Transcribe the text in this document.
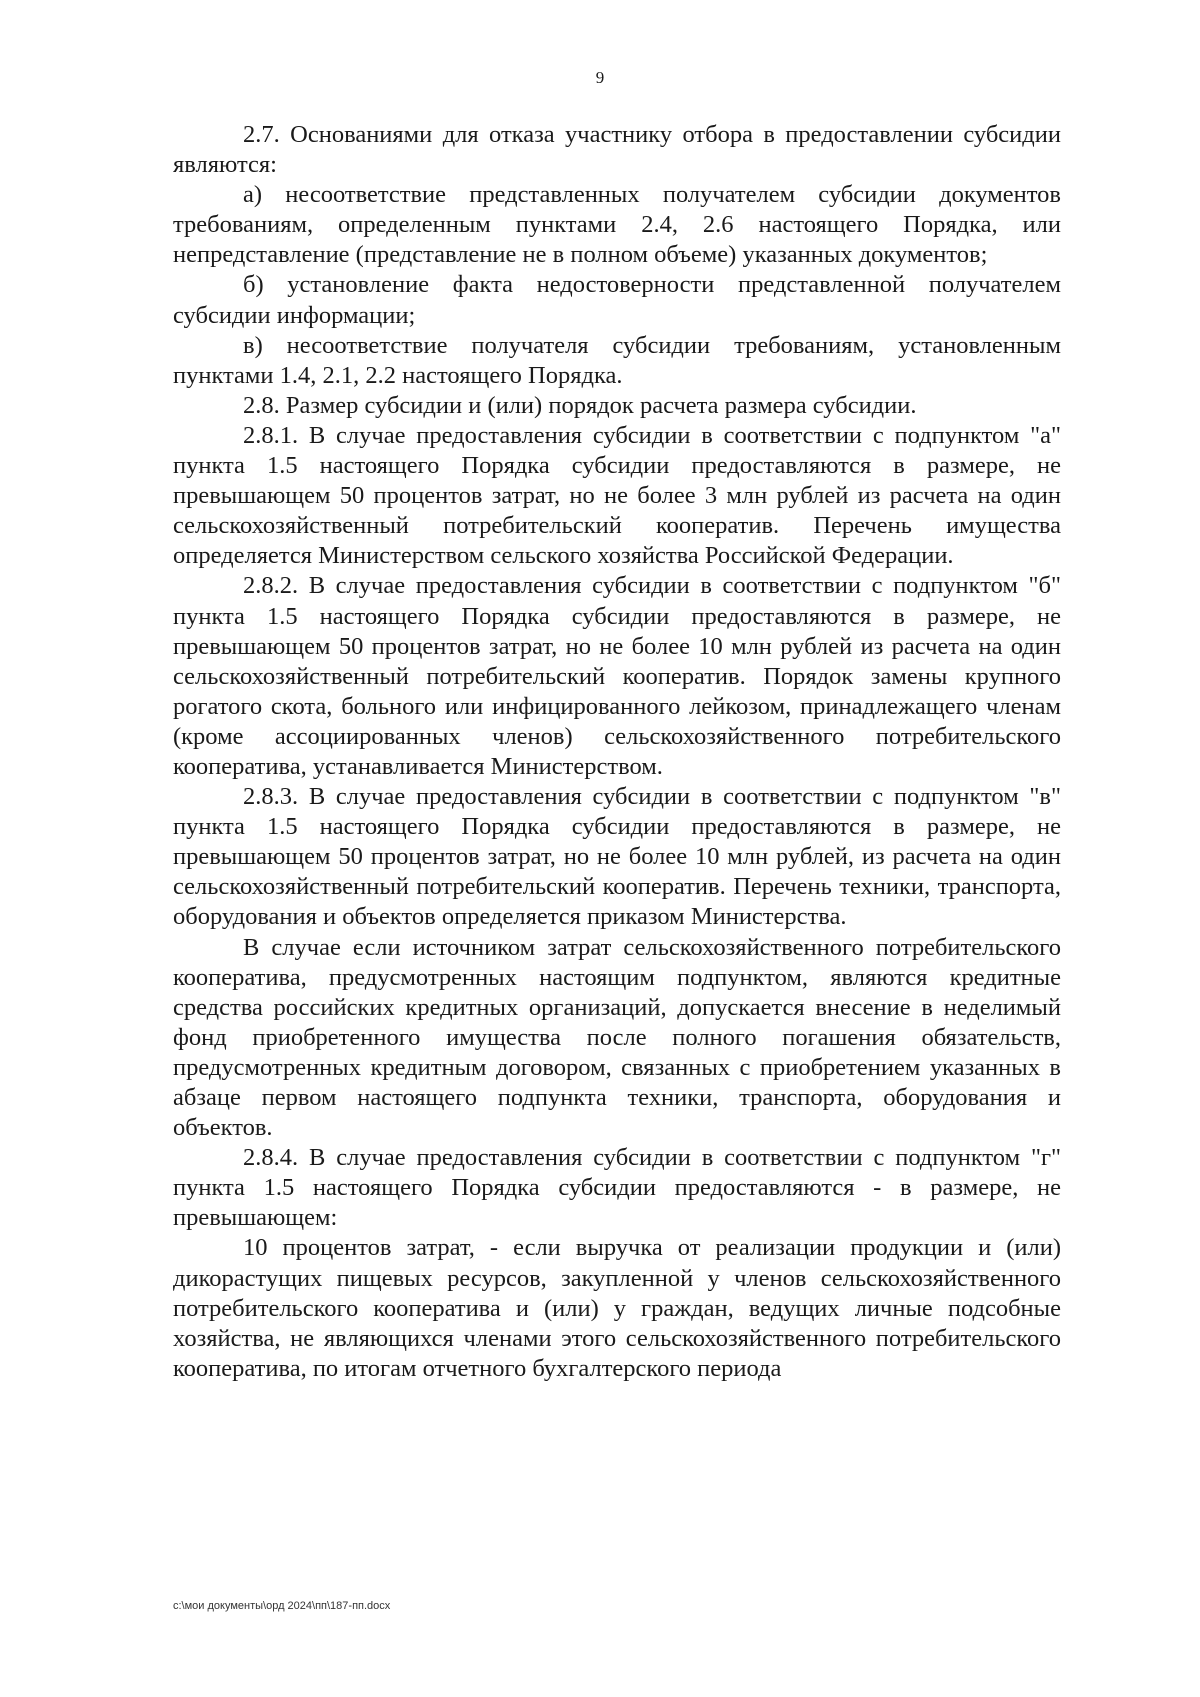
9

2.7. Основаниями для отказа участнику отбора в предоставлении субсидии являются:

а) несоответствие представленных получателем субсидии документов требованиям, определенным пунктами 2.4, 2.6 настоящего Порядка, или непредставление (представление не в полном объеме) указанных документов;

б) установление факта недостоверности представленной получателем субсидии информации;

в) несоответствие получателя субсидии требованиям, установленным пунктами 1.4, 2.1, 2.2 настоящего Порядка.

2.8. Размер субсидии и (или) порядок расчета размера субсидии.

2.8.1. В случае предоставления субсидии в соответствии с подпунктом "а" пункта 1.5 настоящего Порядка субсидии предоставляются в размере, не превышающем 50 процентов затрат, но не более 3 млн рублей из расчета на один сельскохозяйственный потребительский кооператив. Перечень имущества определяется Министерством сельского хозяйства Российской Федерации.

2.8.2. В случае предоставления субсидии в соответствии с подпунктом "б" пункта 1.5 настоящего Порядка субсидии предоставляются в размере, не превышающем 50 процентов затрат, но не более 10 млн рублей из расчета на один сельскохозяйственный потребительский кооператив. Порядок замены крупного рогатого скота, больного или инфицированного лейкозом, принадлежащего членам (кроме ассоциированных членов) сельскохозяйственного потребительского кооператива, устанавливается Министерством.

2.8.3. В случае предоставления субсидии в соответствии с подпунктом "в" пункта 1.5 настоящего Порядка субсидии предоставляются в размере, не превышающем 50 процентов затрат, но не более 10 млн рублей, из расчета на один сельскохозяйственный потребительский кооператив. Перечень техники, транспорта, оборудования и объектов определяется приказом Министерства.

В случае если источником затрат сельскохозяйственного потребительского кооператива, предусмотренных настоящим подпунктом, являются кредитные средства российских кредитных организаций, допускается внесение в неделимый фонд приобретенного имущества после полного погашения обязательств, предусмотренных кредитным договором, связанных с приобретением указанных в абзаце первом настоящего подпункта техники, транспорта, оборудования и объектов.

2.8.4. В случае предоставления субсидии в соответствии с подпунктом "г" пункта 1.5 настоящего Порядка субсидии предоставляются - в размере, не превышающем:

10 процентов затрат, - если выручка от реализации продукции и (или) дикорастущих пищевых ресурсов, закупленной у членов сельскохозяйственного потребительского кооператива и (или) у граждан, ведущих личные подсобные хозяйства, не являющихся членами этого сельскохозяйственного потребительского кооператива, по итогам отчетного бухгалтерского периода

c:\мои документы\орд 2024\пп\187-пп.docx
